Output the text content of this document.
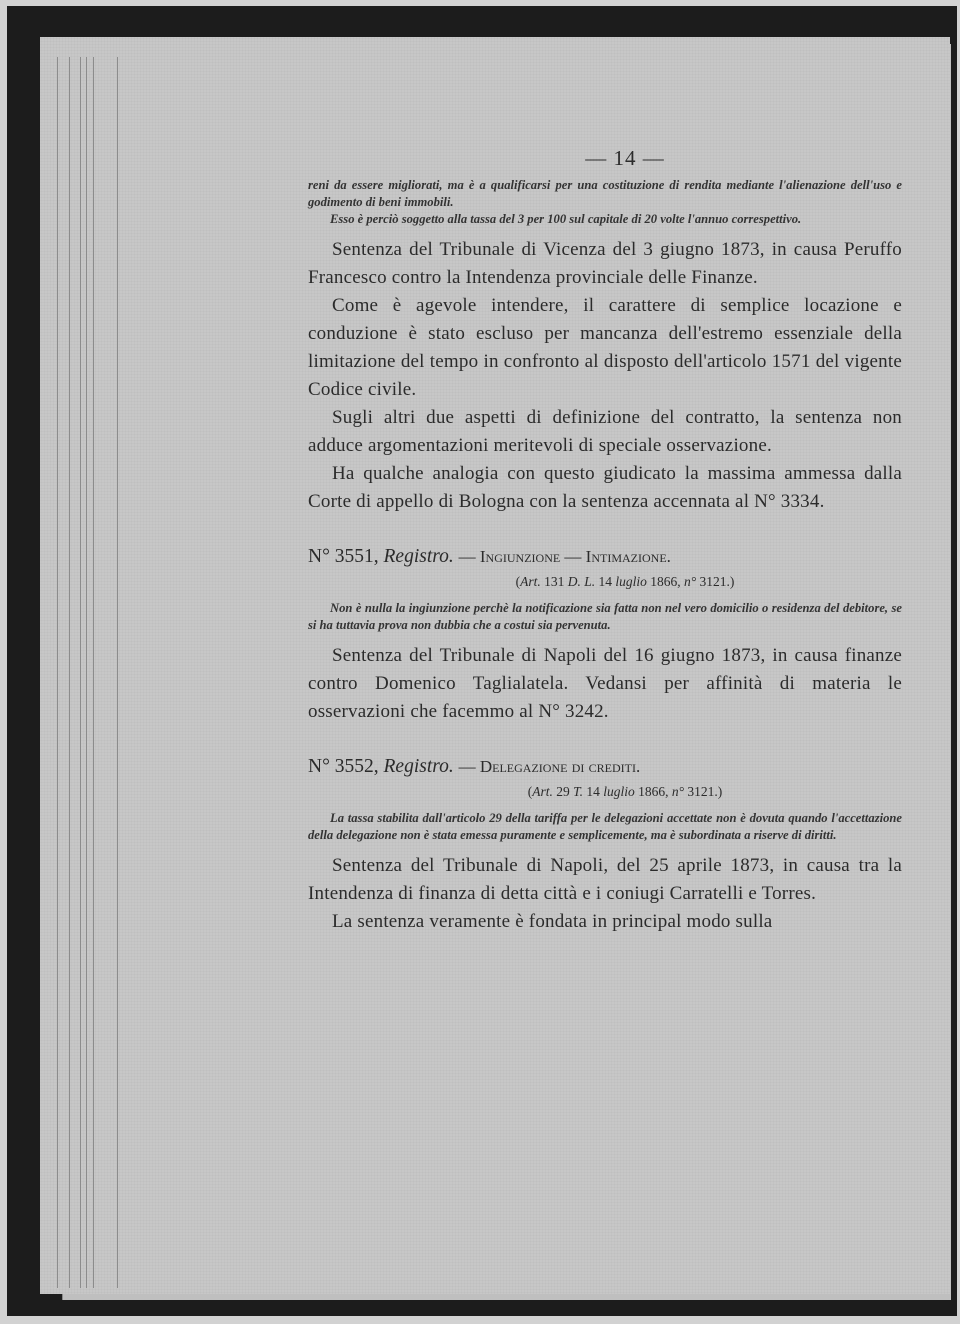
— 14 —

reni da essere migliorati, ma è a qualificarsi per una costituzione di rendita mediante l'alienazione dell'uso e godimento di beni immobili.

Esso è perciò soggetto alla tassa del 3 per 100 sul capitale di 20 volte l'annuo correspettivo.

Sentenza del Tribunale di Vicenza del 3 giugno 1873, in causa Peruffo Francesco contro la Intendenza provinciale delle Finanze.

Come è agevole intendere, il carattere di semplice locazione e conduzione è stato escluso per mancanza dell'estremo essenziale della limitazione del tempo in confronto al disposto dell'articolo 1571 del vigente Codice civile.

Sugli altri due aspetti di definizione del contratto, la sentenza non adduce argomentazioni meritevoli di speciale osservazione.

Ha qualche analogia con questo giudicato la massima ammessa dalla Corte di appello di Bologna con la sentenza accennata al N° 3334.

N° 3551, Registro. — Ingiunzione — Intimazione.

(Art. 131 D. L. 14 luglio 1866, n° 3121.)

Non è nulla la ingiunzione perchè la notificazione sia fatta non nel vero domicilio o residenza del debitore, se si ha tuttavia prova non dubbia che a costui sia pervenuta.

Sentenza del Tribunale di Napoli del 16 giugno 1873, in causa finanze contro Domenico Taglialatela. Vedansi per affinità di materia le osservazioni che facemmo al N° 3242.

N° 3552, Registro. — Delegazione di crediti.

(Art. 29 T. 14 luglio 1866, n° 3121.)

La tassa stabilita dall'articolo 29 della tariffa per le delegazioni accettate non è dovuta quando l'accettazione della delegazione non è stata emessa puramente e semplicemente, ma è subordinata a riserve di diritti.

Sentenza del Tribunale di Napoli, del 25 aprile 1873, in causa tra la Intendenza di finanza di detta città e i coniugi Carratelli e Torres.

La sentenza veramente è fondata in principal modo sulla
